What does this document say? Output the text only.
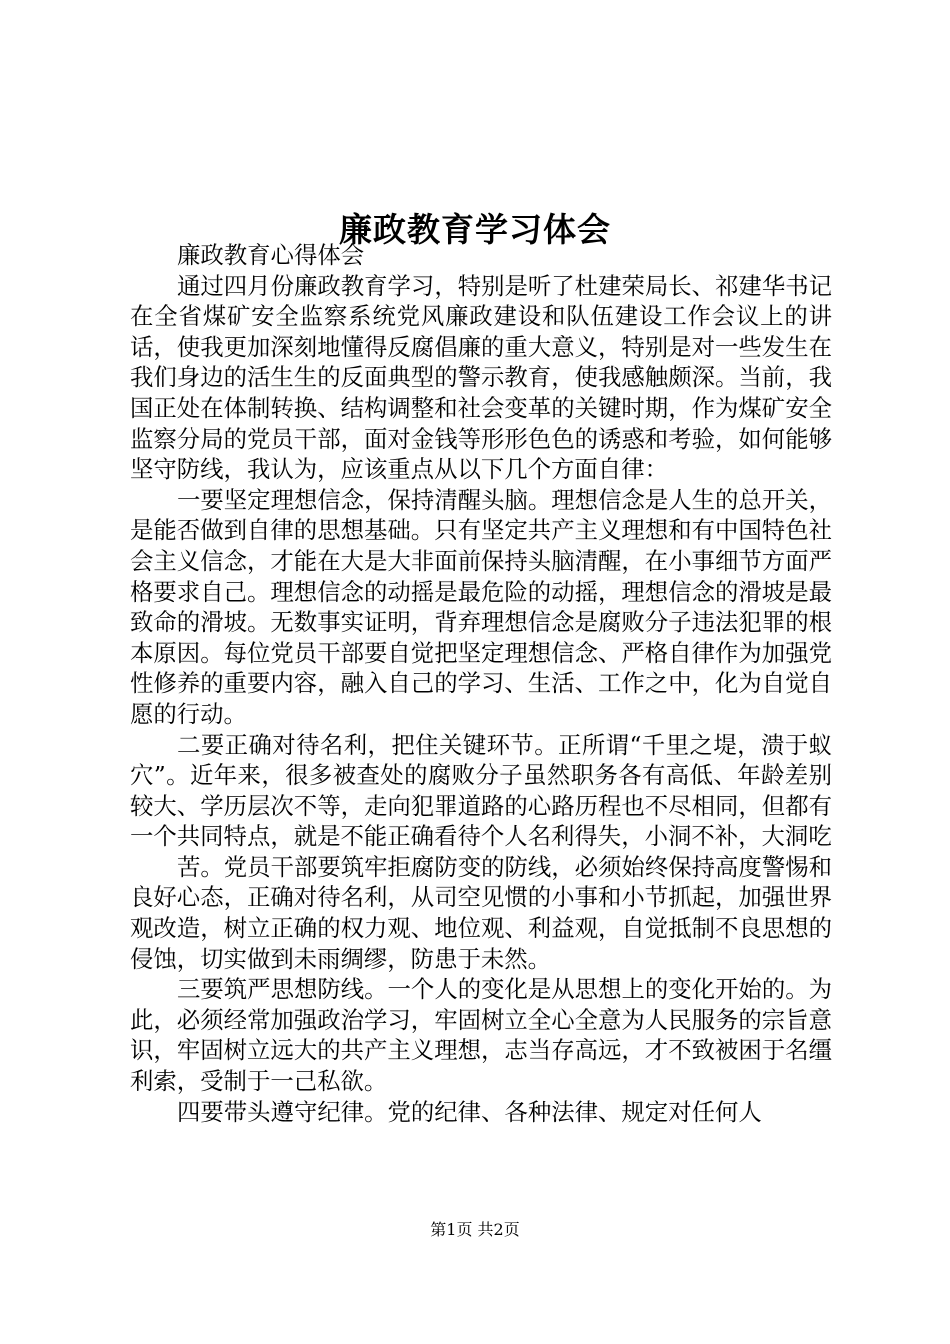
廉政教育学习体会

廉政教育心得体会

通过四月份廉政教育学习，特别是听了杜建荣局长、祁建华书记在全省煤矿安全监察系统党风廉政建设和队伍建设工作会议上的讲话，使我更加深刻地懂得反腐倡廉的重大意义，特别是对一些发生在我们身边的活生生的反面典型的警示教育，使我感触颇深。当前，我国正处在体制转换、结构调整和社会变革的关键时期，作为煤矿安全监察分局的党员干部，面对金钱等形形色色的诱惑和考验，如何能够坚守防线，我认为，应该重点从以下几个方面自律：

一要坚定理想信念，保持清醒头脑。理想信念是人生的总开关，是能否做到自律的思想基础。只有坚定共产主义理想和有中国特色社会主义信念，才能在大是大非面前保持头脑清醒，在小事细节方面严格要求自己。理想信念的动摇是最危险的动摇，理想信念的滑坡是最致命的滑坡。无数事实证明，背弃理想信念是腐败分子违法犯罪的根本原因。每位党员干部要自觉把坚定理想信念、严格自律作为加强党性修养的重要内容，融入自己的学习、生活、工作之中，化为自觉自愿的行动。

二要正确对待名利，把住关键环节。正所谓“千里之堤，溃于蚁穴”。近年来，很多被查处的腐败分子虽然职务各有高低、年龄差别较大、学历层次不等，走向犯罪道路的心路历程也不尽相同，但都有一个共同特点，就是不能正确看待个人名利得失，小洞不补，大洞吃

苦。党员干部要筑牢拒腐防变的防线，必须始终保持高度警惕和良好心态，正确对待名利，从司空见惯的小事和小节抓起，加强世界观改造，树立正确的权力观、地位观、利益观，自觉抵制不良思想的侵蚀，切实做到未雨绸缪，防患于未然。

三要筑严思想防线。一个人的变化是从思想上的变化开始的。为此，必须经常加强政治学习，牢固树立全心全意为人民服务的宗旨意识，牢固树立远大的共产主义理想，志当存高远，才不致被困于名缰利索，受制于一己私欲。

四要带头遵守纪律。党的纪律、各种法律、规定对任何人

第1页 共2页
